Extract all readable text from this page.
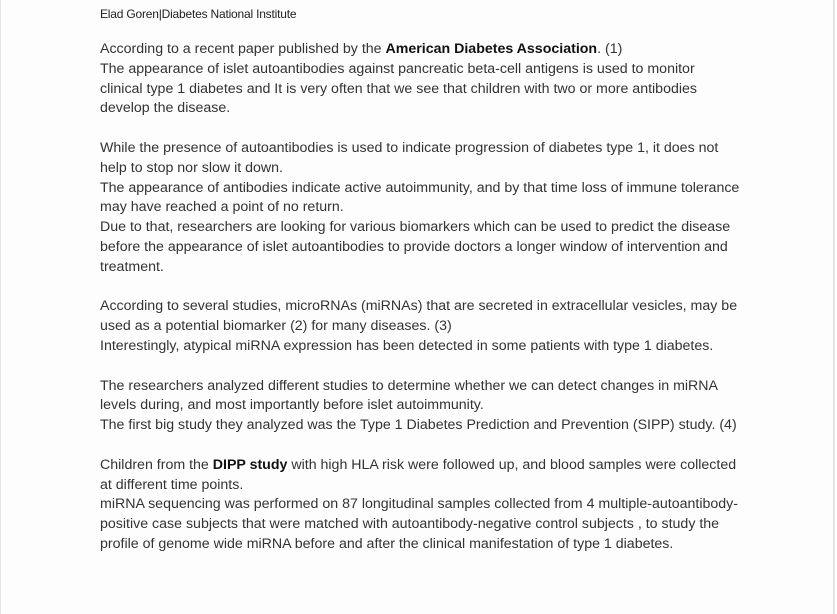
Elad Goren|Diabetes National Institute
According to a recent paper published by the American Diabetes Association. (1)
The appearance of islet autoantibodies against pancreatic beta-cell antigens is used to monitor clinical type 1 diabetes and It is very often that we see that children with two or more antibodies develop the disease.
While the presence of autoantibodies is used to indicate progression of diabetes type 1, it does not help to stop nor slow it down.
The appearance of antibodies indicate active autoimmunity, and by that time loss of immune tolerance may have reached a point of no return.
Due to that, researchers are looking for various biomarkers which can be used to predict the disease before the appearance of islet autoantibodies to provide doctors a longer window of intervention and treatment.
According to several studies, microRNAs (miRNAs) that are secreted in extracellular vesicles, may be used as a potential biomarker (2) for many diseases. (3)
Interestingly, atypical miRNA expression has been detected in some patients with type 1 diabetes.
The researchers analyzed different studies to determine whether we can detect changes in miRNA levels during, and most importantly before islet autoimmunity.
The first big study they analyzed was the Type 1 Diabetes Prediction and Prevention (SIPP) study. (4)
Children from the DIPP study with high HLA risk were followed up, and blood samples were collected at different time points.
miRNA sequencing was performed on 87 longitudinal samples collected from 4 multiple-autoantibody-positive case subjects that were matched with autoantibody-negative control subjects , to study the profile of genome wide miRNA before and after the clinical manifestation of type 1 diabetes.
